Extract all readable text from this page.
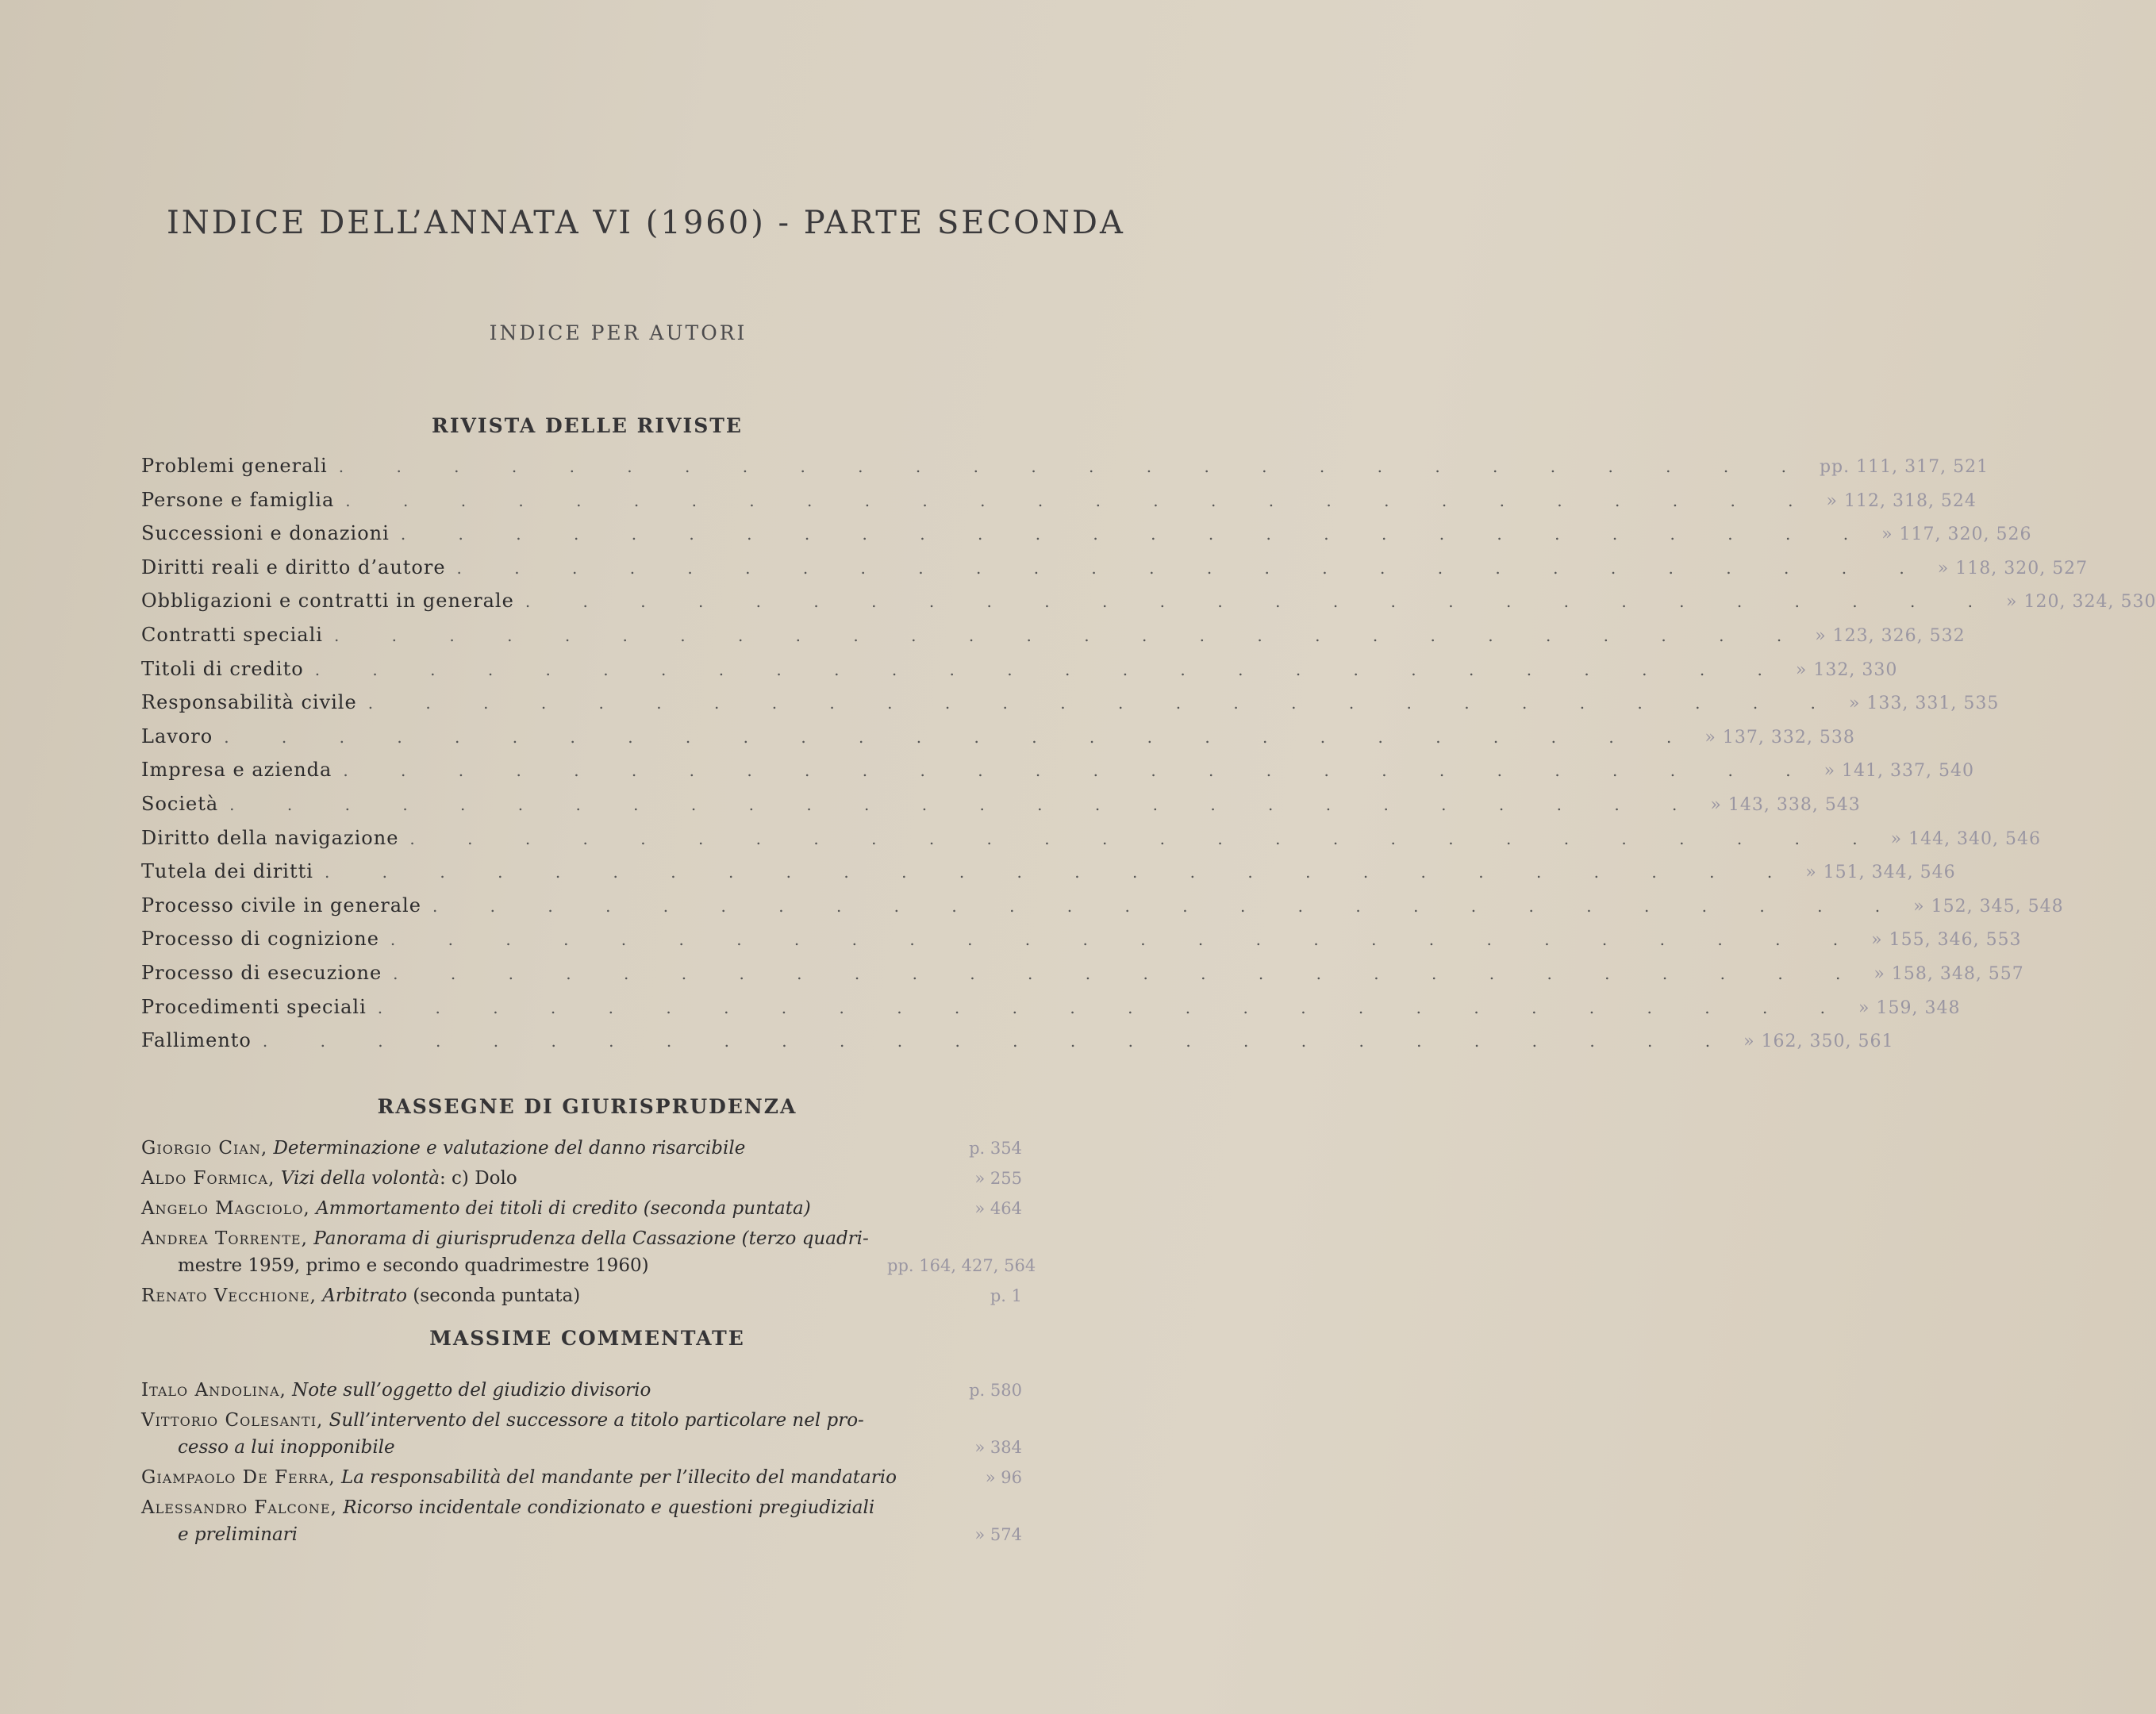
INDICE DELL’ANNATA VI (1960) - PARTE SECONDA
INDICE PER AUTORI
RIVISTA DELLE RIVISTE
Problemi generali . . . . . . . . . . . . . . . . . . . . . . . . . . pp. 111, 317, 521
Persone e famiglia . . . . . . . . . . . . . . . . . . . . . . . . . . » 112, 318, 524
Successioni e donazioni . . . . . . . . . . . . . . . . . . . . . . . . . . » 117, 320, 526
Diritti reali e diritto d’autore . . . . . . . . . . . . . . . . . . . . . . . . . . » 118, 320, 527
Obbligazioni e contratti in generale . . . . . . . . . . . . . . . . . . . . . . . . . . » 120, 324, 530
Contratti speciali . . . . . . . . . . . . . . . . . . . . . . . . . . » 123, 326, 532
Titoli di credito . . . . . . . . . . . . . . . . . . . . . . . . . . » 132, 330
Responsabilità civile . . . . . . . . . . . . . . . . . . . . . . . . . . » 133, 331, 535
Lavoro . . . . . . . . . . . . . . . . . . . . . . . . . . » 137, 332, 538
Impresa e azienda . . . . . . . . . . . . . . . . . . . . . . . . . . » 141, 337, 540
Società . . . . . . . . . . . . . . . . . . . . . . . . . . » 143, 338, 543
Diritto della navigazione . . . . . . . . . . . . . . . . . . . . . . . . . . » 144, 340, 546
Tutela dei diritti . . . . . . . . . . . . . . . . . . . . . . . . . . » 151, 344, 546
Processo civile in generale . . . . . . . . . . . . . . . . . . . . . . . . . . » 152, 345, 548
Processo di cognizione . . . . . . . . . . . . . . . . . . . . . . . . . . » 155, 346, 553
Processo di esecuzione . . . . . . . . . . . . . . . . . . . . . . . . . . » 158, 348, 557
Procedimenti speciali . . . . . . . . . . . . . . . . . . . . . . . . . . » 159, 348
Fallimento . . . . . . . . . . . . . . . . . . . . . . . . . . » 162, 350, 561
RASSEGNE DI GIURISPRUDENZA
Giorgio Cian, Determinazione e valutazione del danno risarcibile	p. 354
Aldo Formica, Vizi della volontà: c) Dolo	» 255
Angelo Magciolo, Ammortamento dei titoli di credito (seconda puntata)	» 464
Andrea Torrente, Panorama di giurisprudenza della Cassazione (terzo quadri-
mestre 1959, primo e secondo quadrimestre 1960)	pp. 164, 427, 564
Renato Vecchione, Arbitrato (seconda puntata)	p. 1
MASSIME COMMENTATE
Italo Andolina, Note sull’oggetto del giudizio divisorio	p. 580
Vittorio Colesanti, Sull’intervento del successore a titolo particolare nel pro-
cesso a lui inopponibile	» 384
Giampaolo De Ferra, La responsabilità del mandante per l’illecito del mandatario	» 96
Alessandro Falcone, Ricorso incidentale condizionato e questioni pregiudiziali
e preliminari	» 574
